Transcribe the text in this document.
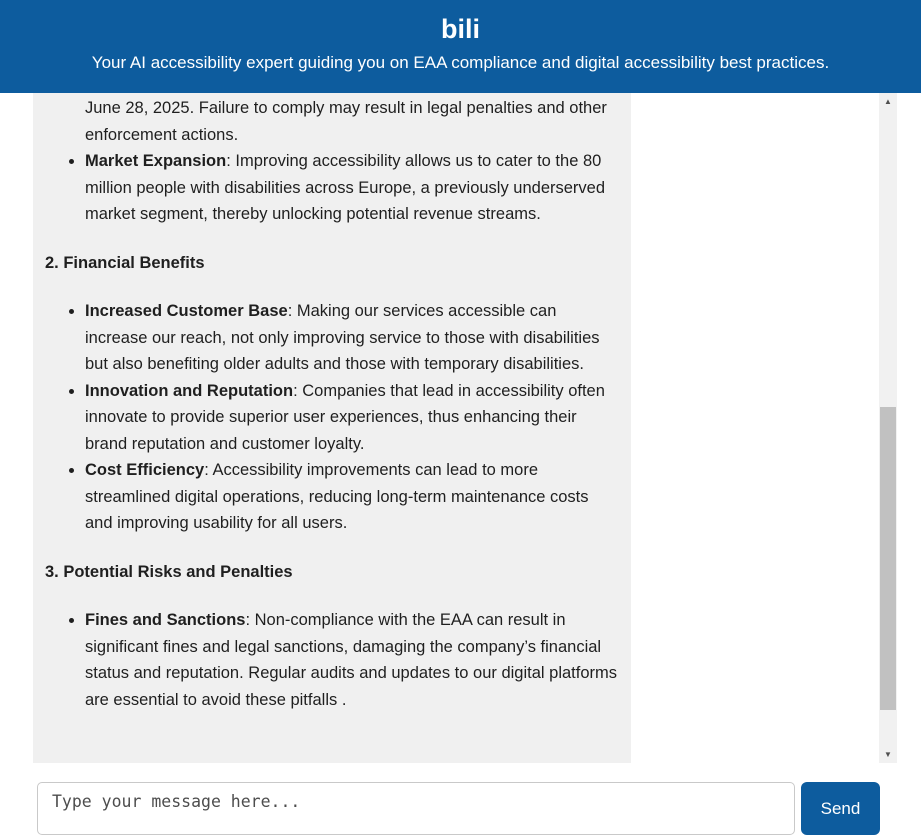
bili
Your AI accessibility expert guiding you on EAA compliance and digital accessibility best practices.
June 28, 2025. Failure to comply may result in legal penalties and other enforcement actions.
• Market Expansion: Improving accessibility allows us to cater to the 80 million people with disabilities across Europe, a previously underserved market segment, thereby unlocking potential revenue streams.
2. Financial Benefits
• Increased Customer Base: Making our services accessible can increase our reach, not only improving service to those with disabilities but also benefiting older adults and those with temporary disabilities.
• Innovation and Reputation: Companies that lead in accessibility often innovate to provide superior user experiences, thus enhancing their brand reputation and customer loyalty.
• Cost Efficiency: Accessibility improvements can lead to more streamlined digital operations, reducing long-term maintenance costs and improving usability for all users.
3. Potential Risks and Penalties
• Fines and Sanctions: Non-compliance with the EAA can result in significant fines and legal sanctions, damaging the company’s financial status and reputation. Regular audits and updates to our digital platforms are essential to avoid these pitfalls .
▲
▼
Type your message here...
Send
